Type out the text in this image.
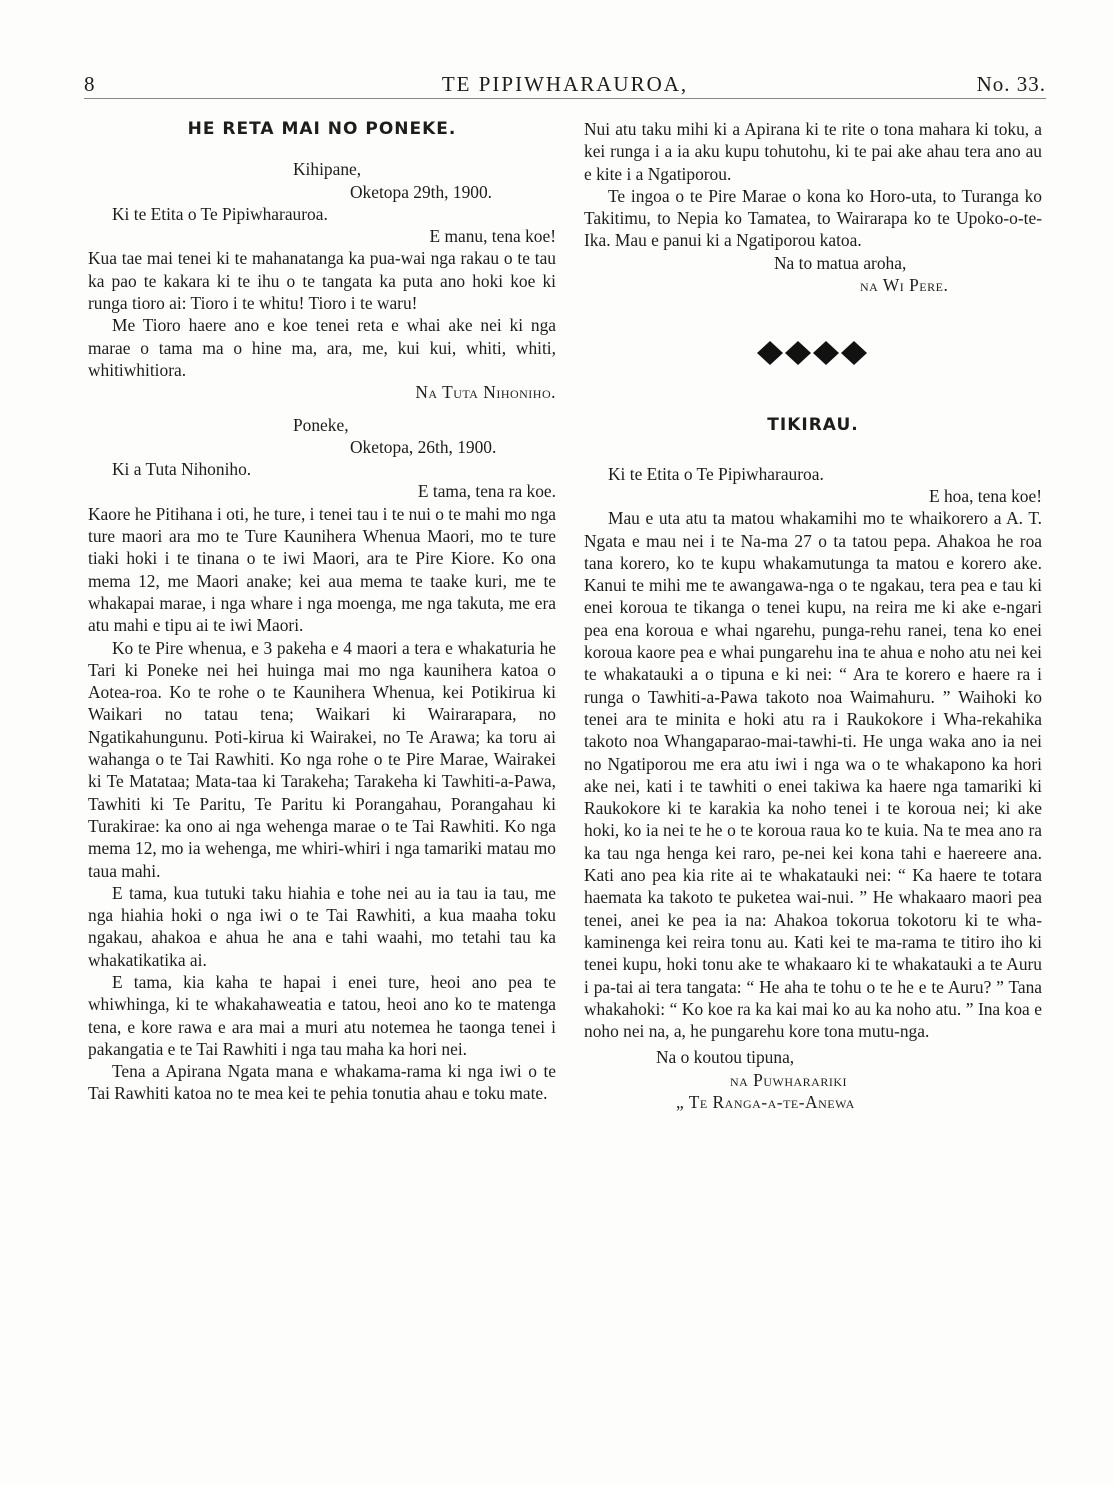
8	TE PIPIWHARAUROA,	No. 33.
HE RETA MAI NO PONEKE.
Kihipane,
Oketopa 29th, 1900.

Ki te Etita o Te Pipiwharauroa.

E manu, tena koe!

Kua tae mai tenei ki te mahanatanga ka pua-wai nga rakau o te tau ka pao te kakara ki te ihu o te tangata ka puta ano hoki koe ki runga tioro ai: Tioro i te whitu! Tioro i te waru!

Me Tioro haere ano e koe tenei reta e whai ake nei ki nga marae o tama ma o hine ma, ara, me, kui kui, whiti, whiti, whitiwhitiora.

Na Tuta Nihoniho.
Poneke,
Oketopa, 26th, 1900.

Ki a Tuta Nihoniho.

E tama, tena ra koe.

Kaore he Pitihana i oti, he ture, i tenei tau i te nui o te mahi mo nga ture maori ara mo te Ture Kaunihera Whenua Maori, mo te ture tiaki hoki i te tinana o te iwi Maori, ara te Pire Kiore. Ko ona mema 12, me Maori anake; kei aua mema te taake kuri, me te whakapai marae, i nga whare i nga moenga, me nga takuta, me era atu mahi e tipu ai te iwi Maori.

Ko te Pire whenua, e 3 pakeha e 4 maori a tera e whakaturia he Tari ki Poneke nei hei huinga mai mo nga kaunihera katoa o Aotea-roa. Ko te rohe o te Kaunihera Whenua, kei Potikirua ki Waikari no tatau tena; Waikari ki Wairarapara, no Ngatikahungunu. Poti-kirua ki Wairakei, no Te Arawa; ka toru ai wahanga o te Tai Rawhiti. Ko nga rohe o te Pire Marae, Wairakei ki Te Matataa; Mata-taa ki Tarakeha; Tarakeha ki Tawhiti-a-Pawa, Tawhiti ki Te Paritu, Te Paritu ki Porangahau, Porangahau ki Turakirae: ka ono ai nga wehenga marae o te Tai Rawhiti. Ko nga mema 12, mo ia wehenga, me whiri-whiri i nga tamariki matau mo taua mahi.

E tama, kua tutuki taku hiahia e tohe nei au ia tau ia tau, me nga hiahia hoki o nga iwi o te Tai Rawhiti, a kua maaha toku ngakau, ahakoa e ahua he ana e tahi waahi, mo tetahi tau ka whakatikatika ai.

E tama, kia kaha te hapai i enei ture, heoi ano pea te whiwhinga, ki te whakahaweatia e tatou, heoi ano ko te matenga tena, e kore rawa e ara mai a muri atu notemea he taonga tenei i pakangatia e te Tai Rawhiti i nga tau maha ka hori nei.

Tena a Apirana Ngata mana e whakama-rama ki nga iwi o te Tai Rawhiti katoa no te mea kei te pehia tonutia ahau e toku mate.

Nui atu taku mihi ki a Apirana ki te rite o tona mahara ki toku, a kei runga i a ia aku kupu tohutohu, ki te pai ake ahau tera ano au e kite i a Ngatiporou.

Te ingoa o te Pire Marae o kona ko Horo-uta, to Turanga ko Takitimu, to Nepia ko Tamatea, to Wairarapa ko te Upoko-o-te-Ika. Mau e panui ki a Ngatiporou katoa.

Na to matua aroha,
na Wi Pere.
TIKIRAU.

Ki te Etita o Te Pipiwharauroa.

E hoa, tena koe!

Mau e uta atu ta matou whakamihi mo te whaikorero a A. T. Ngata e mau nei i te Na-ma 27 o ta tatou pepa. Ahakoa he roa tana korero, ko te kupu whakamutunga ta matou e korero ake. Kanui te mihi me te awangawa-nga o te ngakau, tera pea e tau ki enei koroua te tikanga o tenei kupu, na reira me ki ake e-ngari pea ena koroua e whai ngarehu, punga-rehu ranei, tena ko enei koroua kaore pea e whai pungarehu ina te ahua e noho atu nei kei te whakatauki a o tipuna e ki nei: “ Ara te korero e haere ra i runga o Tawhiti-a-Pawa takoto noa Waimahuru. ” Waihoki ko tenei ara te minita e hoki atu ra i Raukokore i Wha-rekahika takoto noa Whangaparao-mai-tawhi-ti. He unga waka ano ia nei no Ngatiporou me era atu iwi i nga wa o te whakapono ka hori ake nei, kati i te tawhiti o enei takiwa ka haere nga tamariki ki Raukokore ki te karakia ka noho tenei i te koroua nei; ki ake hoki, ko ia nei te he o te koroua raua ko te kuia. Na te mea ano ra ka tau nga henga kei raro, pe-nei kei kona tahi e haereere ana. Kati ano pea kia rite ai te whakatauki nei: “ Ka haere te totara haemata ka takoto te puketea wai-nui. ” He whakaaro maori pea tenei, anei ke pea ia na: Ahakoa tokorua tokotoru ki te wha-kaminenga kei reira tonu au. Kati kei te ma-rama te titiro iho ki tenei kupu, hoki tonu ake te whakaaro ki te whakatauki a te Auru i pa-tai ai tera tangata: “ He aha te tohu o te he e te Auru? ” Tana whakahoki: “ Ko koe ra ka kai mai ko au ka noho atu. ” Ina koa e noho nei na, a, he pungarehu kore tona mutu-nga.

Na o koutou tipuna,
na Puwharariki
„ Te Ranga-a-te-Anewa
